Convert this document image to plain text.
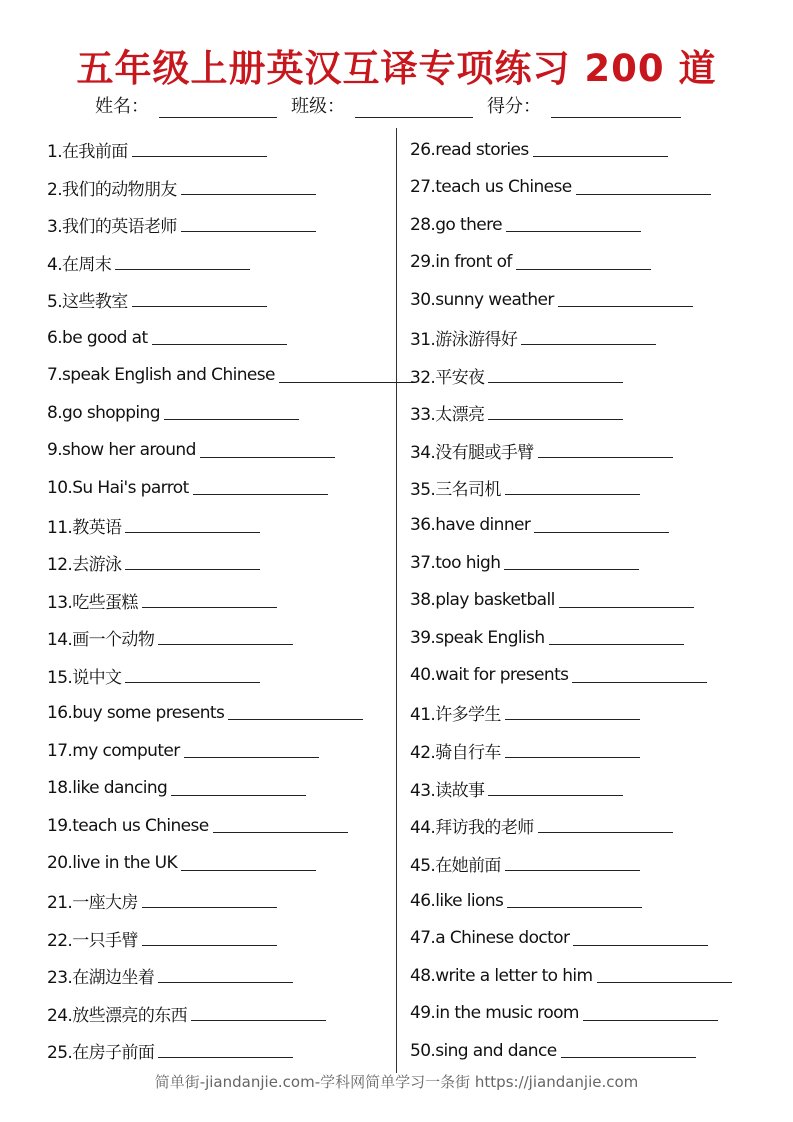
五年级上册英汉互译专项练习 200 道
姓名：	班级：	得分：
1.在我前面
2.我们的动物朋友
3.我们的英语老师
4.在周末
5.这些教室
6.be good at
7.speak English and Chinese
8.go shopping
9.show her around
10.Su Hai's parrot
11.教英语
12.去游泳
13.吃些蛋糕
14.画一个动物
15.说中文
16.buy some presents
17.my computer
18.like dancing
19.teach us Chinese
20.live in the UK
21.一座大房
22.一只手臂
23.在湖边坐着
24.放些漂亮的东西
25.在房子前面
26.read stories
27.teach us Chinese
28.go there
29.in front of
30.sunny weather
31.游泳游得好
32.平安夜
33.太漂亮
34.没有腿或手臂
35.三名司机
36.have dinner
37.too high
38.play basketball
39.speak English
40.wait for presents
41.许多学生
42.骑自行车
43.读故事
44.拜访我的老师
45.在她前面
46.like lions
47.a Chinese doctor
48.write a letter to him
49.in the music room
50.sing and dance
简单街-jiandanjie.com-学科网简单学习一条街 https://jiandanjie.com
